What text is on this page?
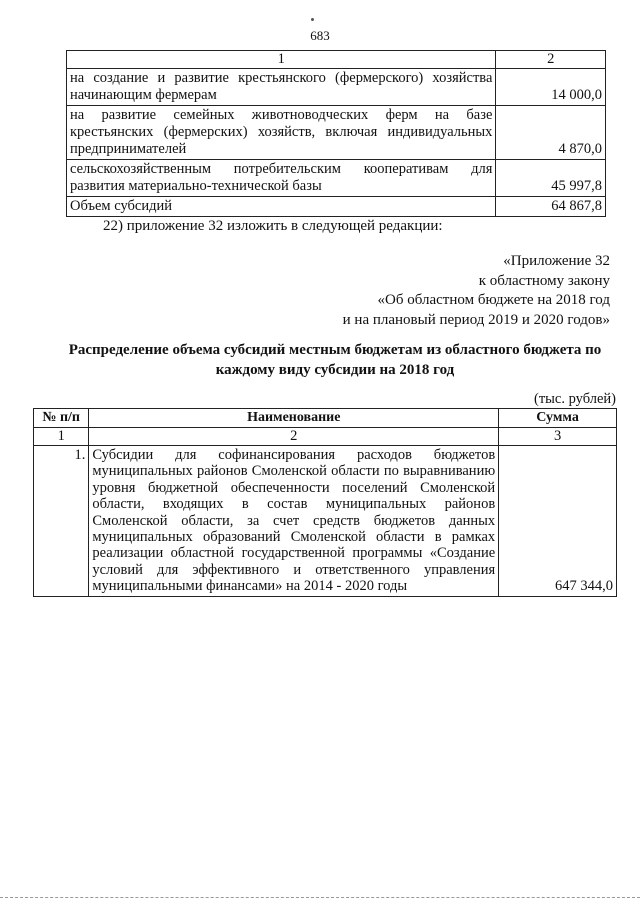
683
1	2
на создание и развитие крестьянского (фермерского) хозяйства начинающим фермерам	14 000,0
на развитие семейных животноводческих ферм на базе крестьянских (фермерских) хозяйств, включая индивидуальных предпринимателей	4 870,0
сельскохозяйственным потребительским кооперативам для развития материально-технической базы	45 997,8
Объем субсидий	64 867,8
22) приложение 32 изложить в следующей редакции:
«Приложение 32
к областному закону
«Об областном бюджете на 2018 год
и на плановый период 2019 и 2020 годов»
Распределение объема субсидий местным бюджетам из областного бюджета по каждому виду субсидии на 2018 год
(тыс. рублей)
№ п/п	Наименование	Сумма
1	2	3
1.	Субсидии для софинансирования расходов бюджетов муниципальных районов Смоленской области по выравниванию уровня бюджетной обеспеченности поселений Смоленской области, входящих в состав муниципальных районов Смоленской области, за счет средств бюджетов данных муниципальных образований Смоленской области в рамках реализации областной государственной программы «Создание условий для эффективного и ответственного управления муниципальными финансами» на 2014 - 2020 годы	647 344,0
